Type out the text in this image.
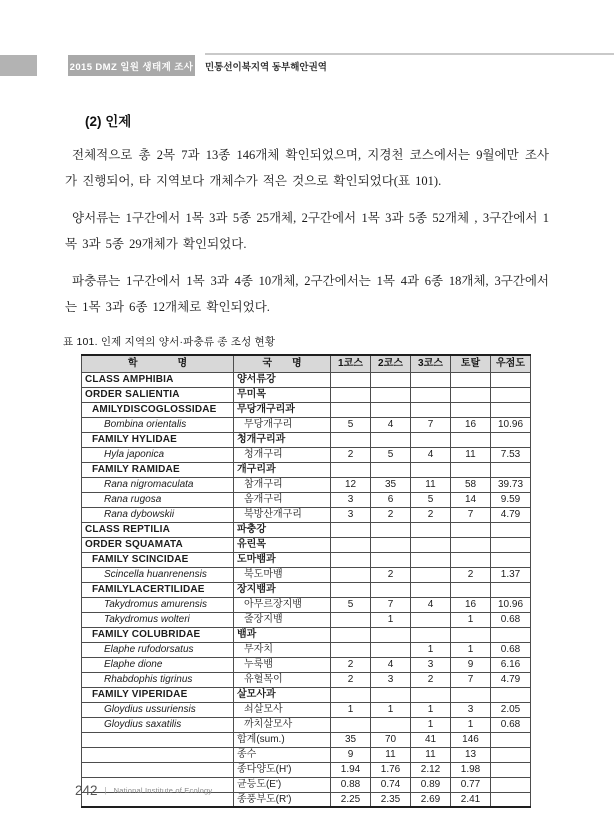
2015 DMZ 일원 생태계 조사 민통선이북지역 동부해안권역
(2) 인제

전체적으로 총 2목 7과 13종 146개체 확인되었으며, 지경천 코스에서는 9월에만 조사가 진행되어, 타 지역보다 개체수가 적은 것으로 확인되었다(표 101).

양서류는 1구간에서 1목 3과 5종 25개체, 2구간에서 1목 3과 5종 52개체 , 3구간에서 1목 3과 5종 29개체가 확인되었다.

파충류는 1구간에서 1목 3과 4종 10개체, 2구간에서는 1목 4과 6종 18개체, 3구간에서는 1목 3과 6종 12개체로 확인되었다.

표 101. 인제 지역의 양서·파충류 종 조성 현황
학　　　　명	국　　명	1코스	2코스	3코스	토탈	우점도
CLASS AMPHIBIA	양서류강					
ORDER SALIENTIA	무미목					
AMILYDISCOGLOSSIDAE	무당개구리과					
Bombina orientalis	무당개구리	5	4	7	16	10.96
FAMILY HYLIDAE	청개구리과					
Hyla japonica	청개구리	2	5	4	11	7.53
FAMILY RAMIDAE	개구리과					
Rana nigromaculata	참개구리	12	35	11	58	39.73
Rana rugosa	옴개구리	3	6	5	14	9.59
Rana dybowskii	북방산개구리	3	2	2	7	4.79
CLASS REPTILIA	파충강					
ORDER SQUAMATA	유린목					
FAMILY SCINCIDAE	도마뱀과					
Scincella huanrenensis	북도마뱀		2		2	1.37
FAMILYLACERTILIDAE	장지뱀과					
Takydromus amurensis	아무르장지뱀	5	7	4	16	10.96
Takydromus wolteri	줄장지뱀		1		1	0.68
FAMILY COLUBRIDAE	뱀과					
Elaphe rufodorsatus	무자치			1	1	0.68
Elaphe dione	누룩뱀	2	4	3	9	6.16
Rhabdophis tigrinus	유혈목이	2	3	2	7	4.79
FAMILY VIPERIDAE	살모사과					
Gloydius ussuriensis	쇠살모사	1	1	1	3	2.05
Gloydius saxatilis	까치살모사			1	1	0.68
	합계(sum.)	35	70	41	146	
	종수	9	11	11	13	
	종다양도(H')	1.94	1.76	2.12	1.98	
	균등도(E')	0.88	0.74	0.89	0.77	
	종풍부도(R')	2.25	2.35	2.69	2.41	
242 | National Institute of Ecology
